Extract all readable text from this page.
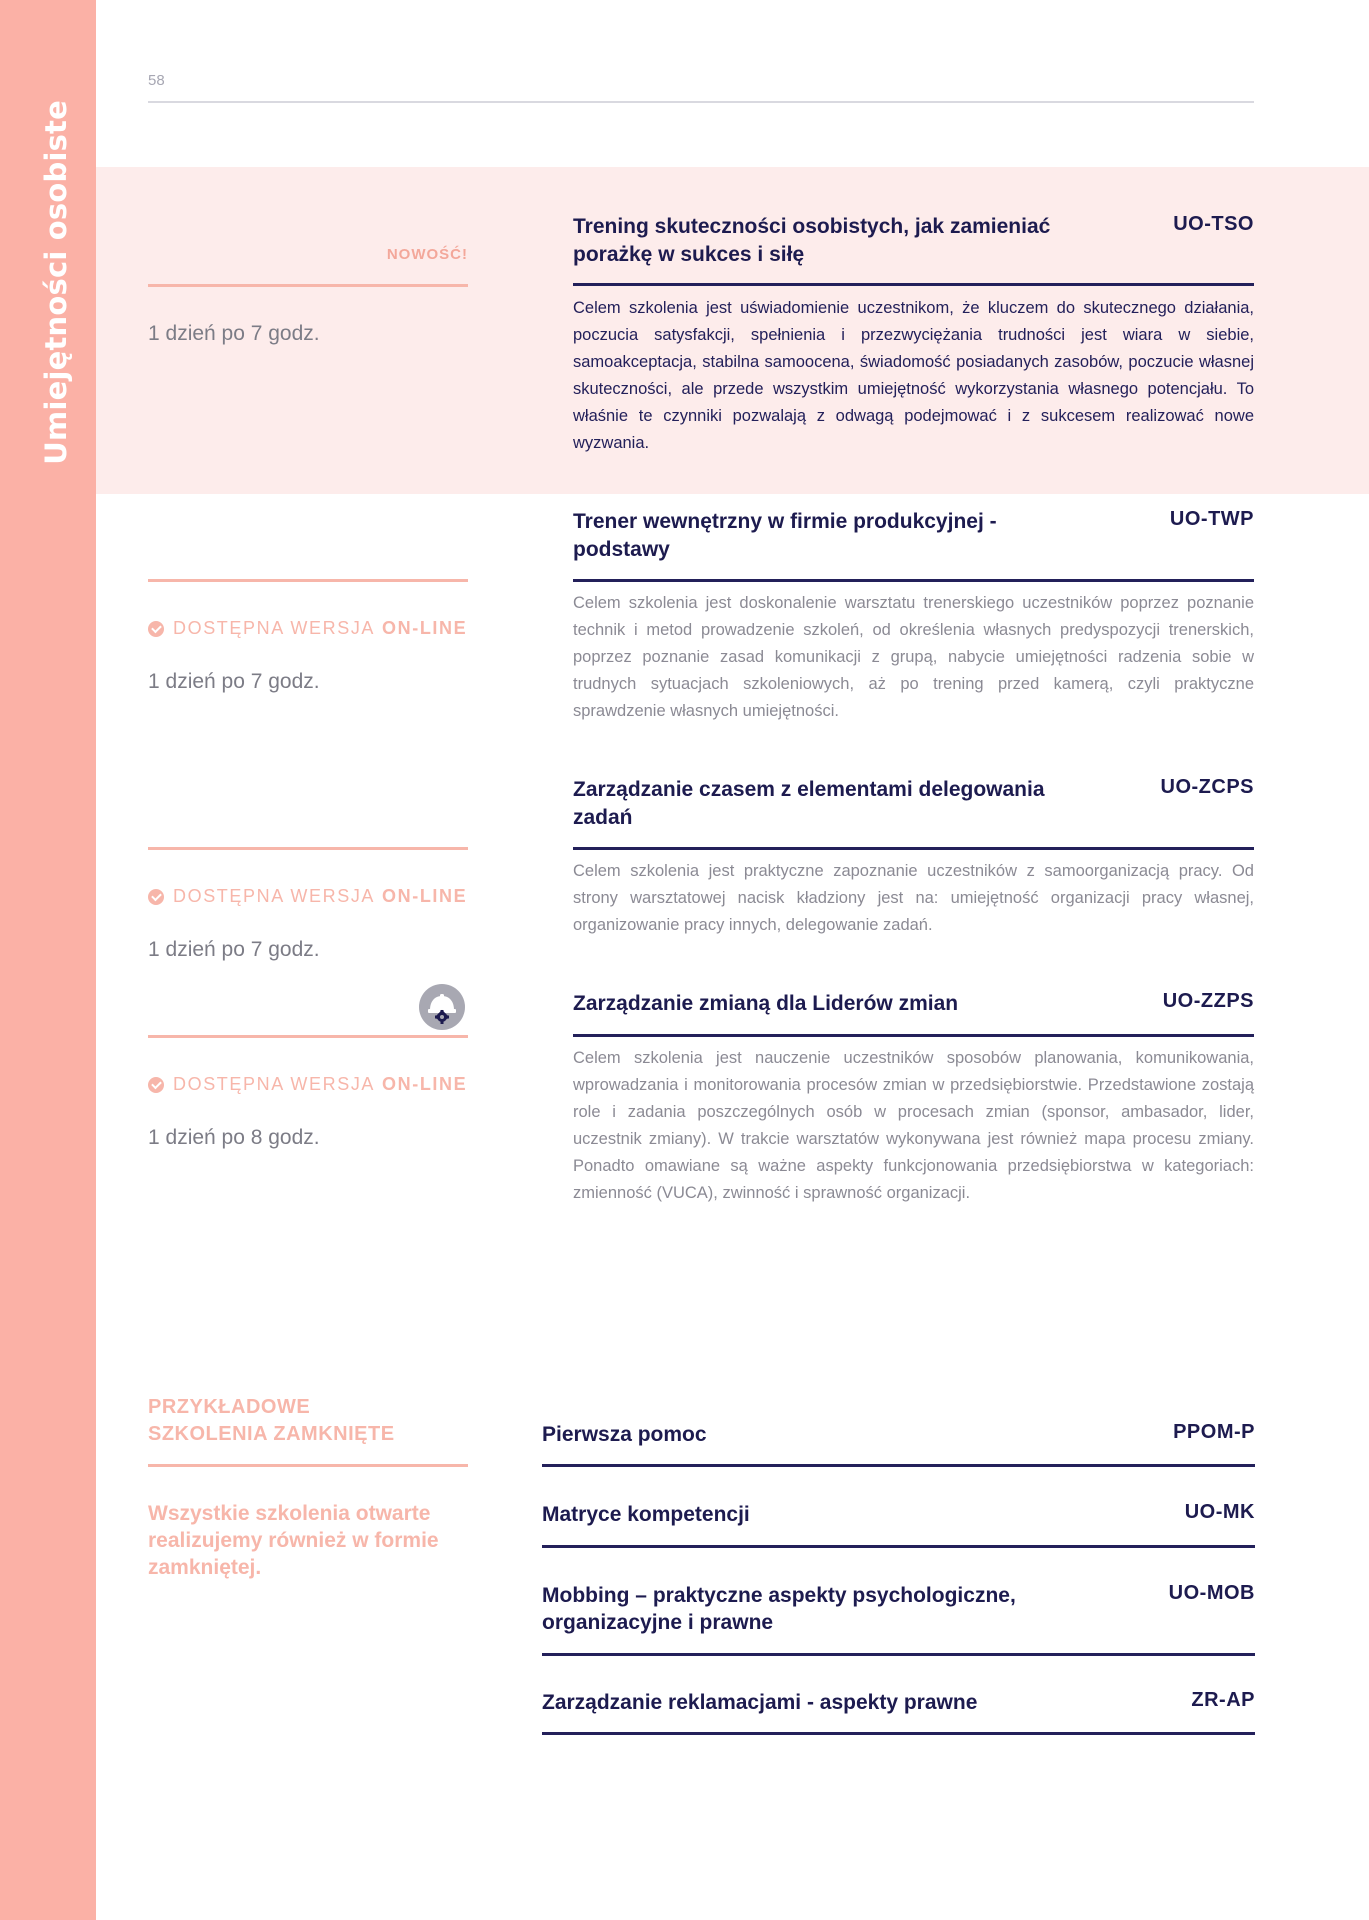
Umiejętności osobiste
58
NOWOŚĆ!
1 dzień po 7 godz.
Trening skuteczności osobistych, jak zamieniać porażkę w sukces i siłę
UO-TSO
Celem szkolenia jest uświadomienie uczestnikom, że kluczem do skutecznego działania, poczucia satysfakcji, spełnienia i przezwyciężania trudności jest wiara w siebie, samoakceptacja, stabilna samoocena, świadomość posiadanych zasobów, poczucie własnej skuteczności, ale przede wszystkim umiejętność wykorzystania własnego potencjału. To właśnie te czynniki pozwalają z odwagą podejmować i z sukcesem realizować nowe wyzwania.
DOSTĘPNA WERSJA ON-LINE
1 dzień po 7 godz.
Trener wewnętrzny w firmie produkcyjnej - podstawy
UO-TWP
Celem szkolenia jest doskonalenie warsztatu trenerskiego uczestników poprzez poznanie technik i metod prowadzenie szkoleń, od określenia własnych predyspozycji trenerskich, poprzez poznanie zasad komunikacji z grupą, nabycie umiejętności radzenia sobie w trudnych sytuacjach szkoleniowych, aż po trening przed kamerą, czyli praktyczne sprawdzenie własnych umiejętności.
DOSTĘPNA WERSJA ON-LINE
1 dzień po 7 godz.
Zarządzanie czasem z elementami delegowania zadań
UO-ZCPS
Celem szkolenia jest praktyczne zapoznanie uczestników z samoorganizacją pracy. Od strony warsztatowej nacisk kładziony jest na: umiejętność organizacji pracy własnej, organizowanie pracy innych, delegowanie zadań.
DOSTĘPNA WERSJA ON-LINE
1 dzień po 8 godz.
Zarządzanie zmianą dla Liderów zmian	UO-ZZPS
Celem szkolenia jest nauczenie uczestników sposobów planowania, komunikowania, wprowadzania i monitorowania procesów zmian w przedsiębiorstwie. Przedstawione zostają role i zadania poszczególnych osób w procesach zmian (sponsor, ambasador, lider, uczestnik zmiany). W trakcie warsztatów wykonywana jest również mapa procesu zmiany. Ponadto omawiane są ważne aspekty funkcjonowania przedsiębiorstwa w kategoriach: zmienność (VUCA), zwinność i sprawność organizacji.
PRZYKŁADOWE
SZKOLENIA ZAMKNIĘTE
Wszystkie szkolenia otwarte realizujemy również w formie zamkniętej.
Pierwsza pomoc	PPOM-P
Matryce kompetencji	UO-MK
Mobbing – praktyczne aspekty psychologiczne, organizacyjne i prawne
UO-MOB
Zarządzanie reklamacjami - aspekty prawne	ZR-AP
